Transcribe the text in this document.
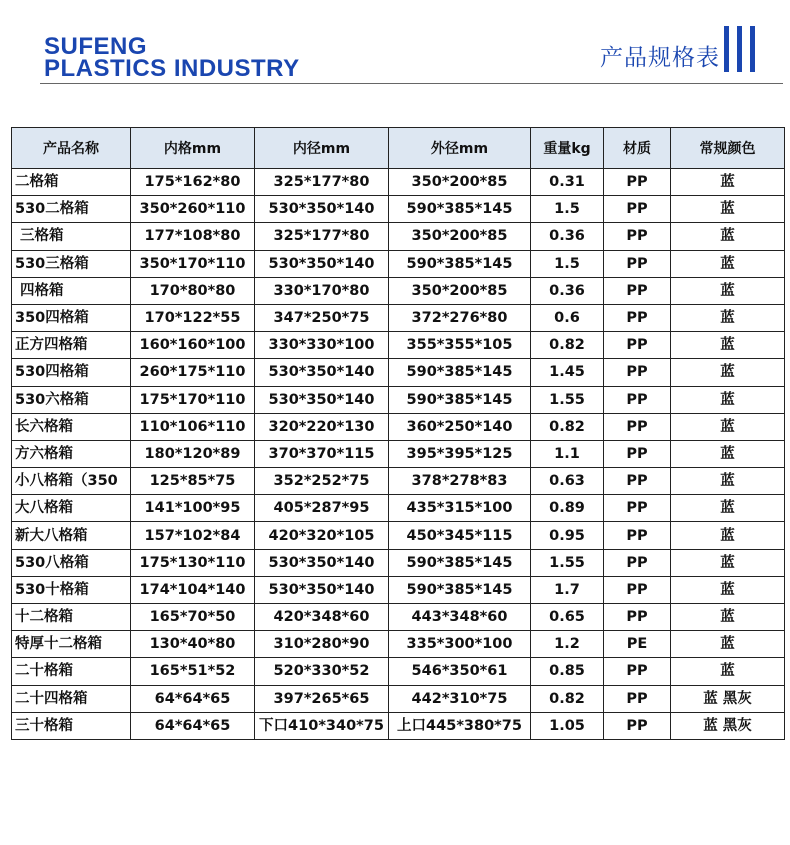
SUFENG
PLASTICS INDUSTRY	产品规格表
产品名称	内格mm	内径mm	外径mm	重量kg	材质	常规颜色
二格箱	175*162*80	325*177*80	350*200*85	0.31	PP	蓝
530二格箱	350*260*110	530*350*140	590*385*145	1.5	PP	蓝
三格箱	177*108*80	325*177*80	350*200*85	0.36	PP	蓝
530三格箱	350*170*110	530*350*140	590*385*145	1.5	PP	蓝
四格箱	170*80*80	330*170*80	350*200*85	0.36	PP	蓝
350四格箱	170*122*55	347*250*75	372*276*80	0.6	PP	蓝
正方四格箱	160*160*100	330*330*100	355*355*105	0.82	PP	蓝
530四格箱	260*175*110	530*350*140	590*385*145	1.45	PP	蓝
530六格箱	175*170*110	530*350*140	590*385*145	1.55	PP	蓝
长六格箱	110*106*110	320*220*130	360*250*140	0.82	PP	蓝
方六格箱	180*120*89	370*370*115	395*395*125	1.1	PP	蓝
小八格箱（350	125*85*75	352*252*75	378*278*83	0.63	PP	蓝
大八格箱	141*100*95	405*287*95	435*315*100	0.89	PP	蓝
新大八格箱	157*102*84	420*320*105	450*345*115	0.95	PP	蓝
530八格箱	175*130*110	530*350*140	590*385*145	1.55	PP	蓝
530十格箱	174*104*140	530*350*140	590*385*145	1.7	PP	蓝
十二格箱	165*70*50	420*348*60	443*348*60	0.65	PP	蓝
特厚十二格箱	130*40*80	310*280*90	335*300*100	1.2	PE	蓝
二十格箱	165*51*52	520*330*52	546*350*61	0.85	PP	蓝
二十四格箱	64*64*65	397*265*65	442*310*75	0.82	PP	蓝 黑灰
三十格箱	64*64*65	下口410*340*75	上口445*380*75	1.05	PP	蓝 黑灰
